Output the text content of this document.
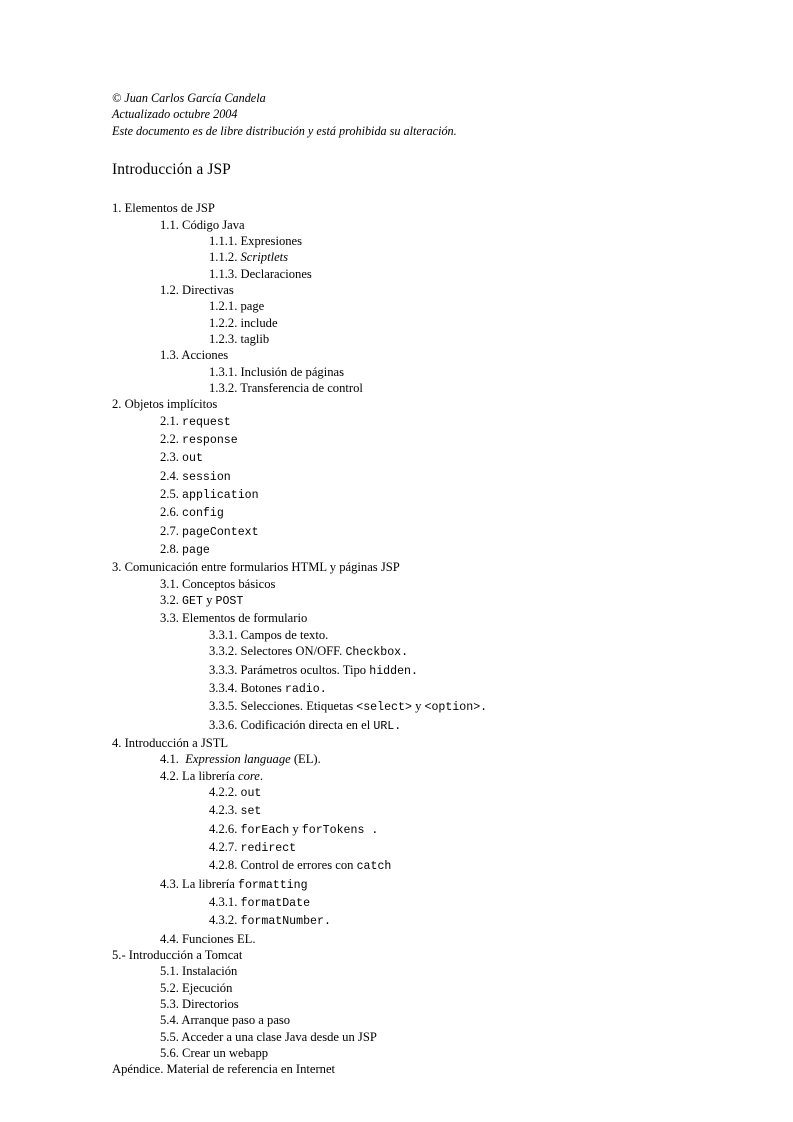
© Juan Carlos García Candela
Actualizado octubre 2004
Este documento es de libre distribución y está prohibida su alteración.
Introducción a JSP
1. Elementos de JSP
1.1. Código Java
1.1.1. Expresiones
1.1.2. Scriptlets
1.1.3. Declaraciones
1.2. Directivas
1.2.1. page
1.2.2. include
1.2.3. taglib
1.3. Acciones
1.3.1. Inclusión de páginas
1.3.2. Transferencia de control
2. Objetos implícitos
2.1. request
2.2. response
2.3. out
2.4. session
2.5. application
2.6. config
2.7. pageContext
2.8. page
3. Comunicación entre formularios HTML y páginas JSP
3.1. Conceptos básicos
3.2. GET y POST
3.3. Elementos de formulario
3.3.1. Campos de texto.
3.3.2. Selectores ON/OFF. Checkbox.
3.3.3. Parámetros ocultos. Tipo hidden.
3.3.4. Botones radio.
3.3.5. Selecciones. Etiquetas <select> y <option>.
3.3.6. Codificación directa en el URL.
4. Introducción a JSTL
4.1.  Expression language (EL).
4.2. La librería core.
4.2.2. out
4.2.3. set
4.2.6. forEach y forTokens .
4.2.7. redirect
4.2.8. Control de errores con catch
4.3. La librería formatting
4.3.1. formatDate
4.3.2. formatNumber.
4.4. Funciones EL.
5.- Introducción a Tomcat
5.1. Instalación
5.2. Ejecución
5.3. Directorios
5.4. Arranque paso a paso
5.5. Acceder a una clase Java desde un JSP
5.6. Crear un webapp
Apéndice. Material de referencia en Internet
